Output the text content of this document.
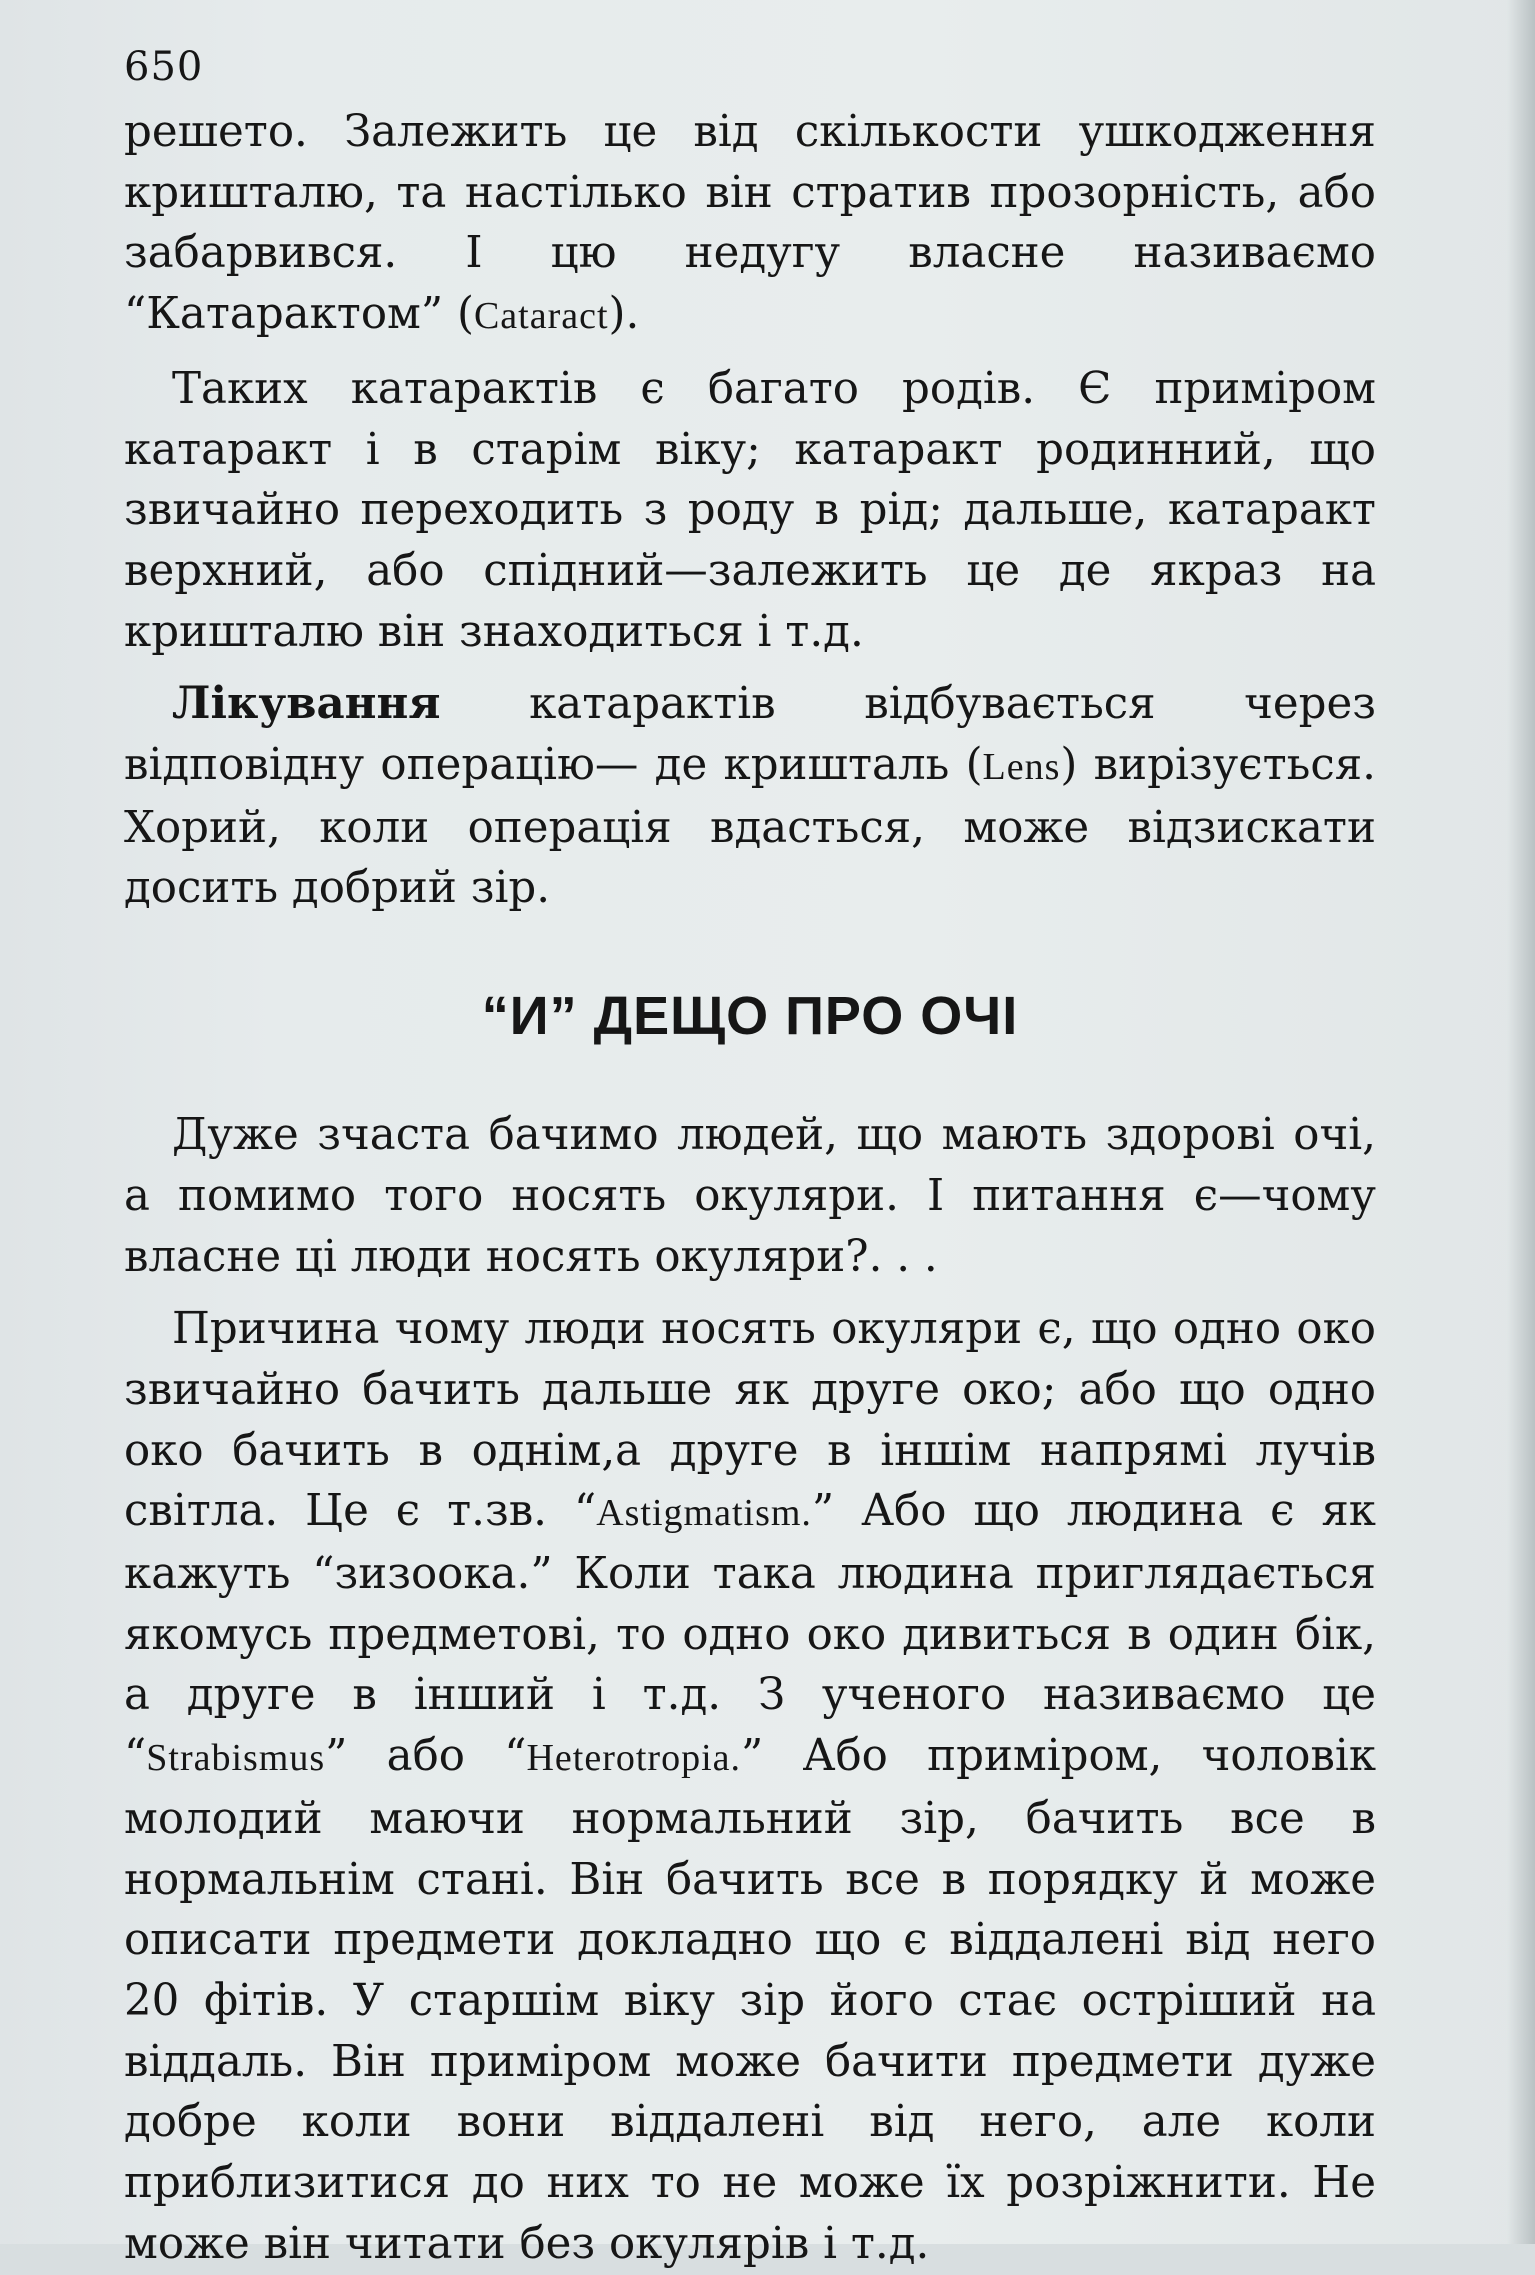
650

решето. Залежить це від скількости ушкодження кришталю, та настілько він стратив прозорність, або забарвився. І цю недугу власне називаємо “Катарактом” (Cataract).

Таких катарактів є багато родів. Є приміром катаракт і в старім віку; катаракт родинний, що звичайно переходить з роду в рід; дальше, катаракт верхний, або спідний—залежить це де якраз на кришталю він знаходиться і т.д.

Лікування катарактів відбувається через відповідну операцію— де кришталь (Lens) вирізується. Хорий, коли операція вдасться, може відзискати досить добрий зір.

“И” ДЕЩО ПРО ОЧІ

Дуже зчаста бачимо людей, що мають здорові очі, а помимо того носять окуляри. І питання є—чому власне ці люди носять окуляри?. . .

Причина чому люди носять окуляри є, що одно око звичайно бачить дальше як друге око; або що одно око бачить в однім,а друге в іншім напрямі лучів світла. Це є т.зв. “Astigmatism.” Або що людина є як кажуть “зизоока.” Коли така людина приглядається якомусь предметові, то одно око дивиться в один бік, а друге в інший і т.д. З ученого називаємо це “Strabismus” або “Heterotropia.” Або приміром, чоловік молодий маючи нормальний зір, бачить все в нормальнім стані. Він бачить все в порядку й може описати предмети докладно що є віддалені від него 20 фітів. У старшім віку зір його стає остріший на віддаль. Він приміром може бачити предмети дуже добре коли вони віддалені від него, але коли приблизитися до них то не може їх розріжнити. Не може він читати без окулярів і т.д.
